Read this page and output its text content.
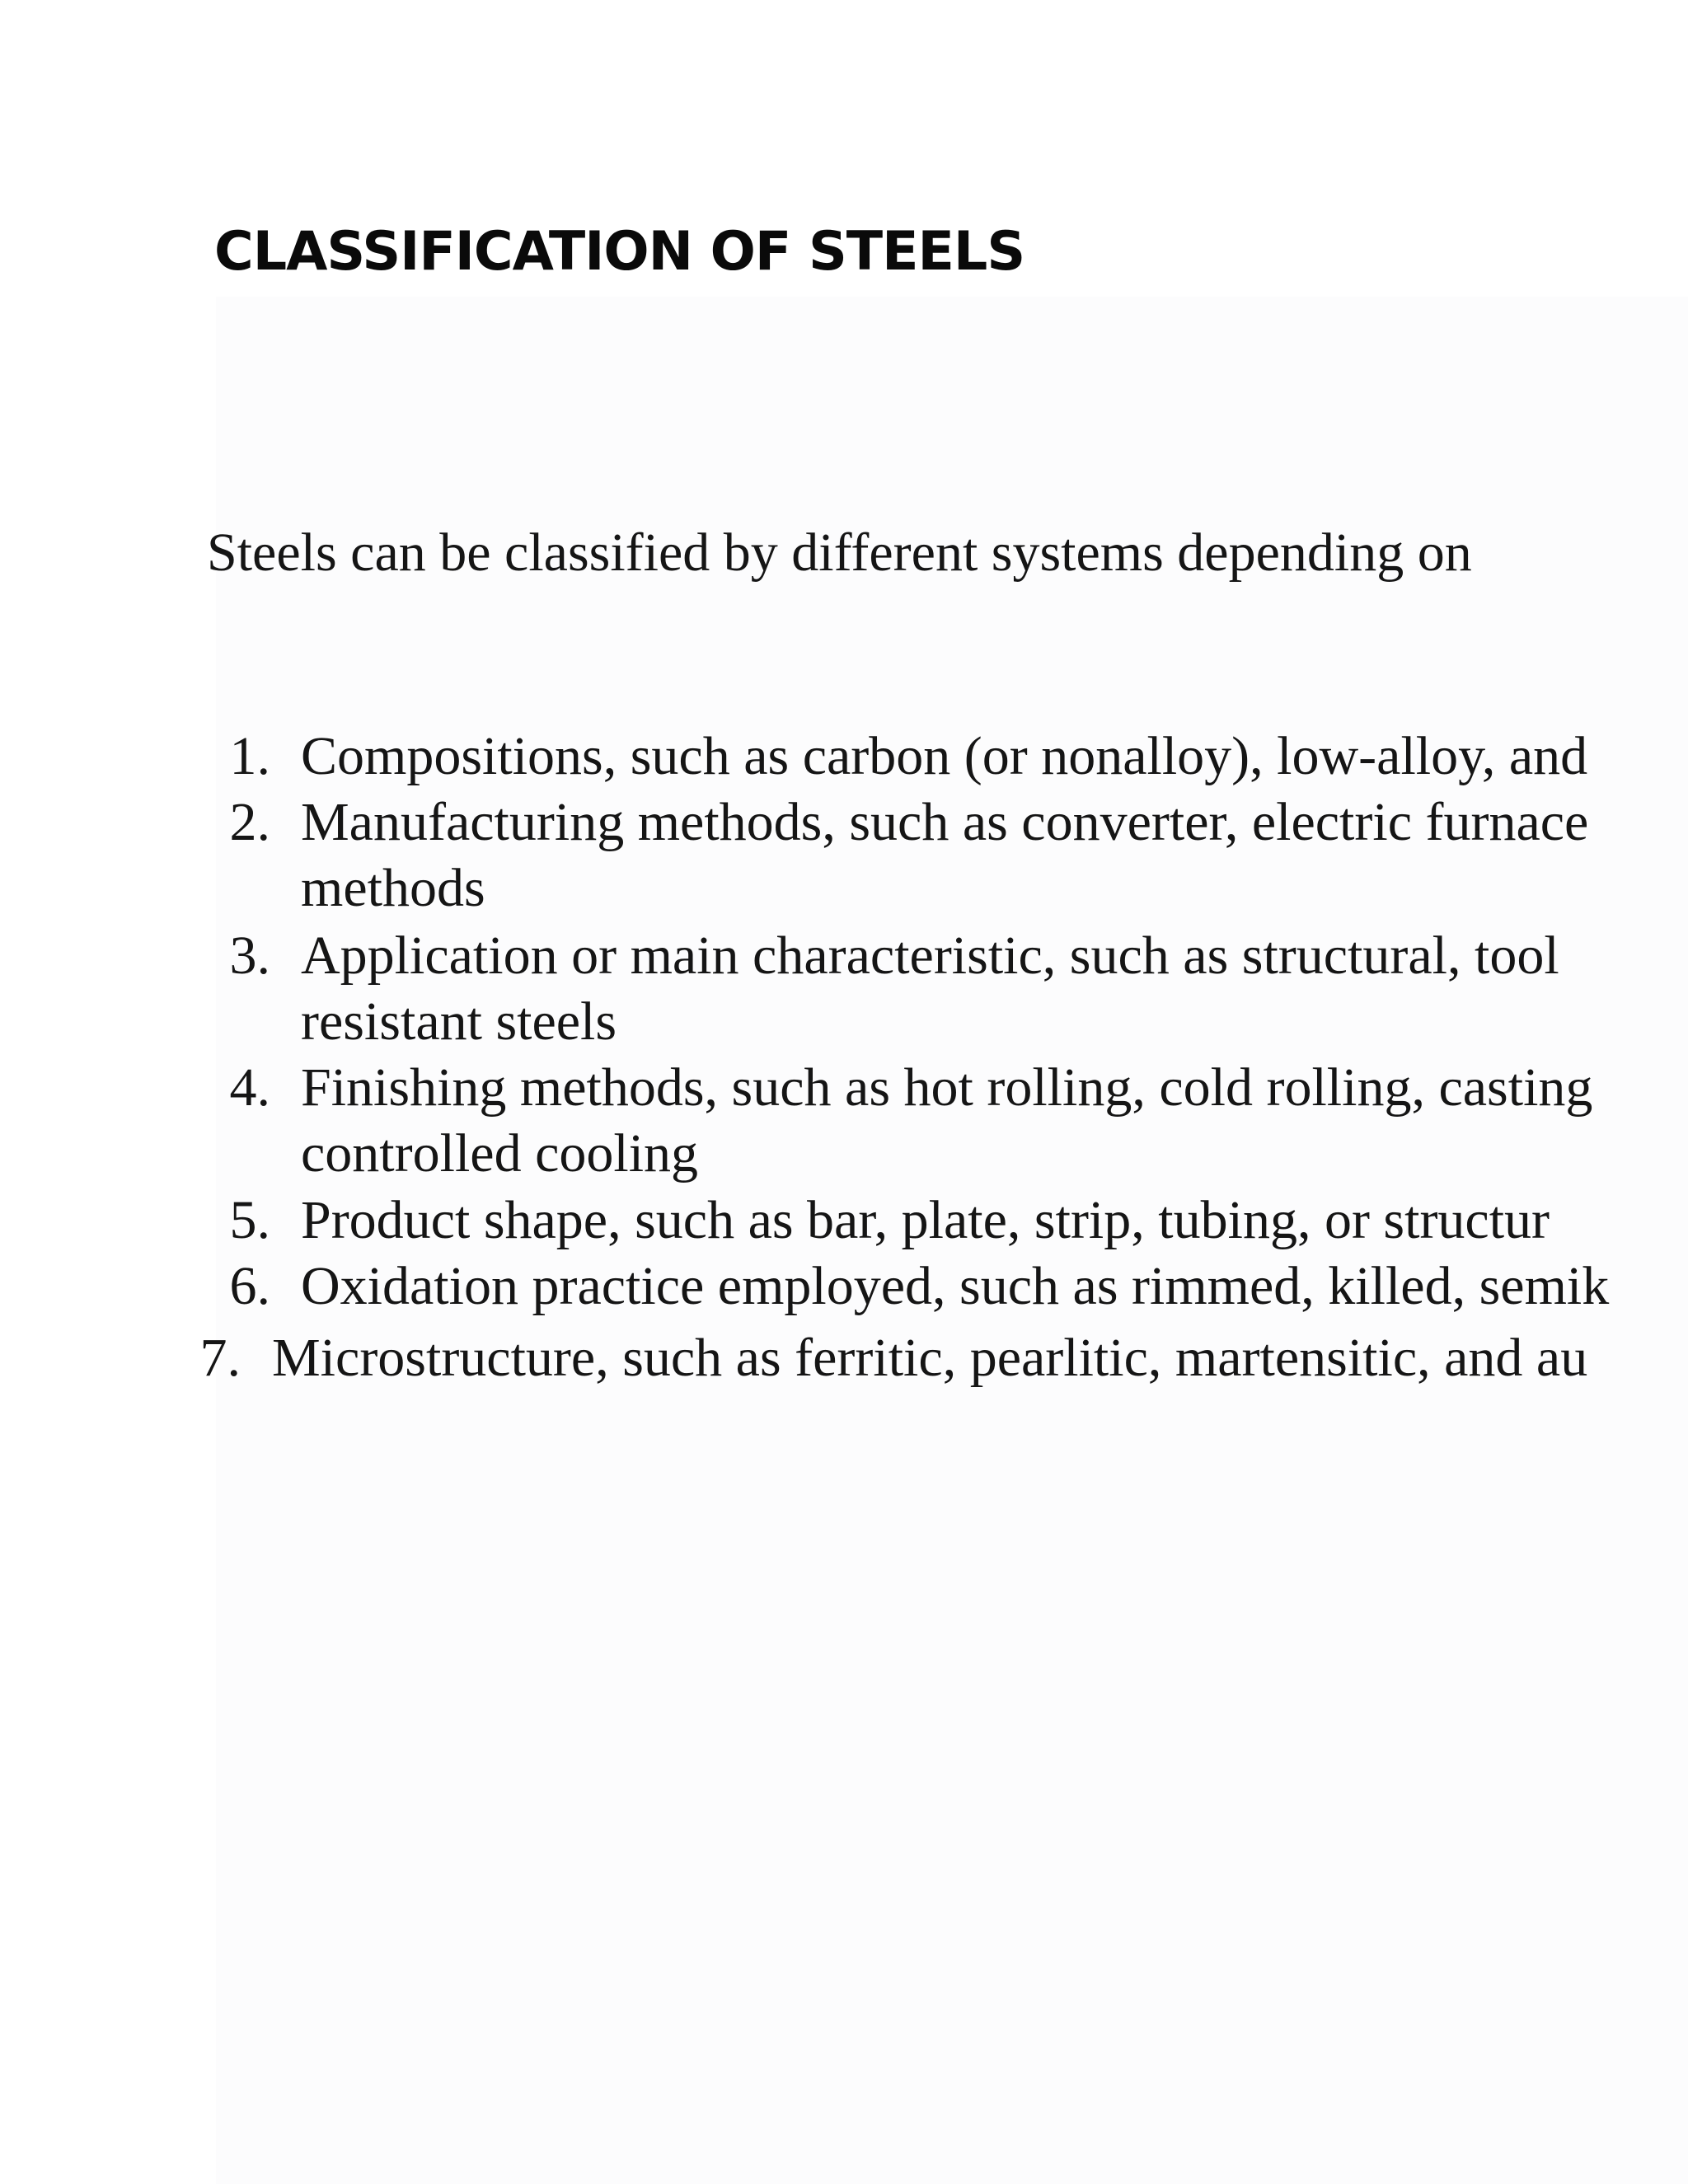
CLASSIFICATION OF STEELS

Steels can be classified by different systems depending on

1. Compositions, such as carbon (or nonalloy), low-alloy, and
2. Manufacturing methods, such as converter, electric furnace
methods
3. Application or main characteristic, such as structural, tool
resistant steels
4. Finishing methods, such as hot rolling, cold rolling, casting
controlled cooling
5. Product shape, such as bar, plate, strip, tubing, or structur
6. Oxidation practice employed, such as rimmed, killed, semik
7. Microstructure, such as ferritic, pearlitic, martensitic, and au
